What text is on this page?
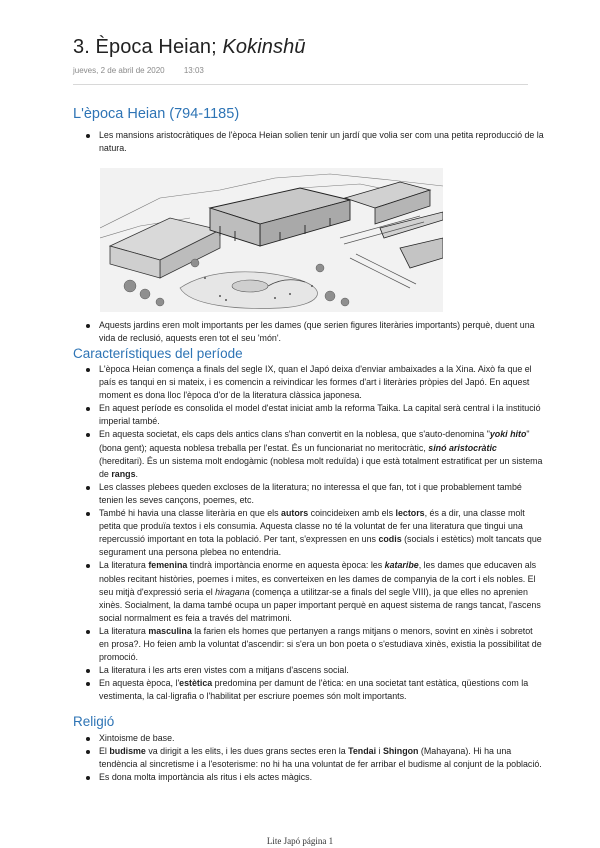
3. Època Heian; Kokinshū
jueves, 2 de abril de 2020 13:03
L'època Heian (794-1185)
Les mansions aristocràtiques de l'època Heian solien tenir un jardí que volia ser com una petita reproducció de la natura.
Aquests jardins eren molt importants per les dames (que serien figures literàries importants) perquè, duent una vida de reclusió, aquests eren tot el seu 'món'.
Característiques del període
L'època Heian comença a finals del segle IX, quan el Japó deixa d'enviar ambaixades a la Xina. Això fa que el país es tanqui en si mateix, i es comencin a reivindicar les formes d'art i literàries pròpies del Japó. En aquest moment es dona lloc l'època d'or de la literatura clàssica japonesa.
En aquest període es consolida el model d'estat iniciat amb la reforma Taika. La capital serà central i la institució imperial també.
En aquesta societat, els caps dels antics clans s'han convertit en la noblesa, que s'auto-denomina "yoki hito" (bona gent); aquesta noblesa treballa per l'estat. És un funcionariat no meritocràtic, sinó aristocràtic (hereditari). És un sistema molt endogàmic (noblesa molt reduïda) i que està totalment estratificat per un sistema de rangs.
Les classes plebees queden excloses de la literatura; no interessa el que fan, tot i que probablement també tenien les seves cançons, poemes, etc.
També hi havia una classe literària en que els autors coincideixen amb els lectors, és a dir, una classe molt petita que produïa textos i els consumia. Aquesta classe no té la voluntat de fer una literatura que tingui una repercussió important en tota la població. Per tant, s'expressen en uns codis (socials i estètics) molt tancats que segurament una persona plebea no entendria.
La literatura femenina tindrà importància enorme en aquesta època: les kataribe, les dames que educaven als nobles recitant històries, poemes i mites, es converteixen en les dames de companyia de la cort i els nobles. El seu mitjà d'expressió seria el hiragana (comença a utilitzar-se a finals del segle VIII), ja que elles no aprenien xinès. Socialment, la dama també ocupa un paper important perquè en aquest sistema de rangs tancat, l'ascens social normalment es feia a través del matrimoni.
La literatura masculina la farien els homes que pertanyen a rangs mitjans o menors, sovint en xinès i sobretot en prosa?. Ho feien amb la voluntat d'ascendir: si s'era un bon poeta o s'estudiava xinès, existia la possibilitat de promoció.
La literatura i les arts eren vistes com a mitjans d'ascens social.
En aquesta època, l'estètica predomina per damunt de l'ètica: en una societat tant estàtica, qüestions com la vestimenta, la cal·ligrafia o l'habilitat per escriure poemes són molt importants.
Religió
Xintoisme de base.
El budisme va dirigit a les elits, i les dues grans sectes eren la Tendai i Shingon (Mahayana). Hi ha una tendència al sincretisme i a l'esoterisme: no hi ha una voluntat de fer arribar el budisme al conjunt de la població.
Es dona molta importància als ritus i els actes màgics.
Lite Japó página 1
